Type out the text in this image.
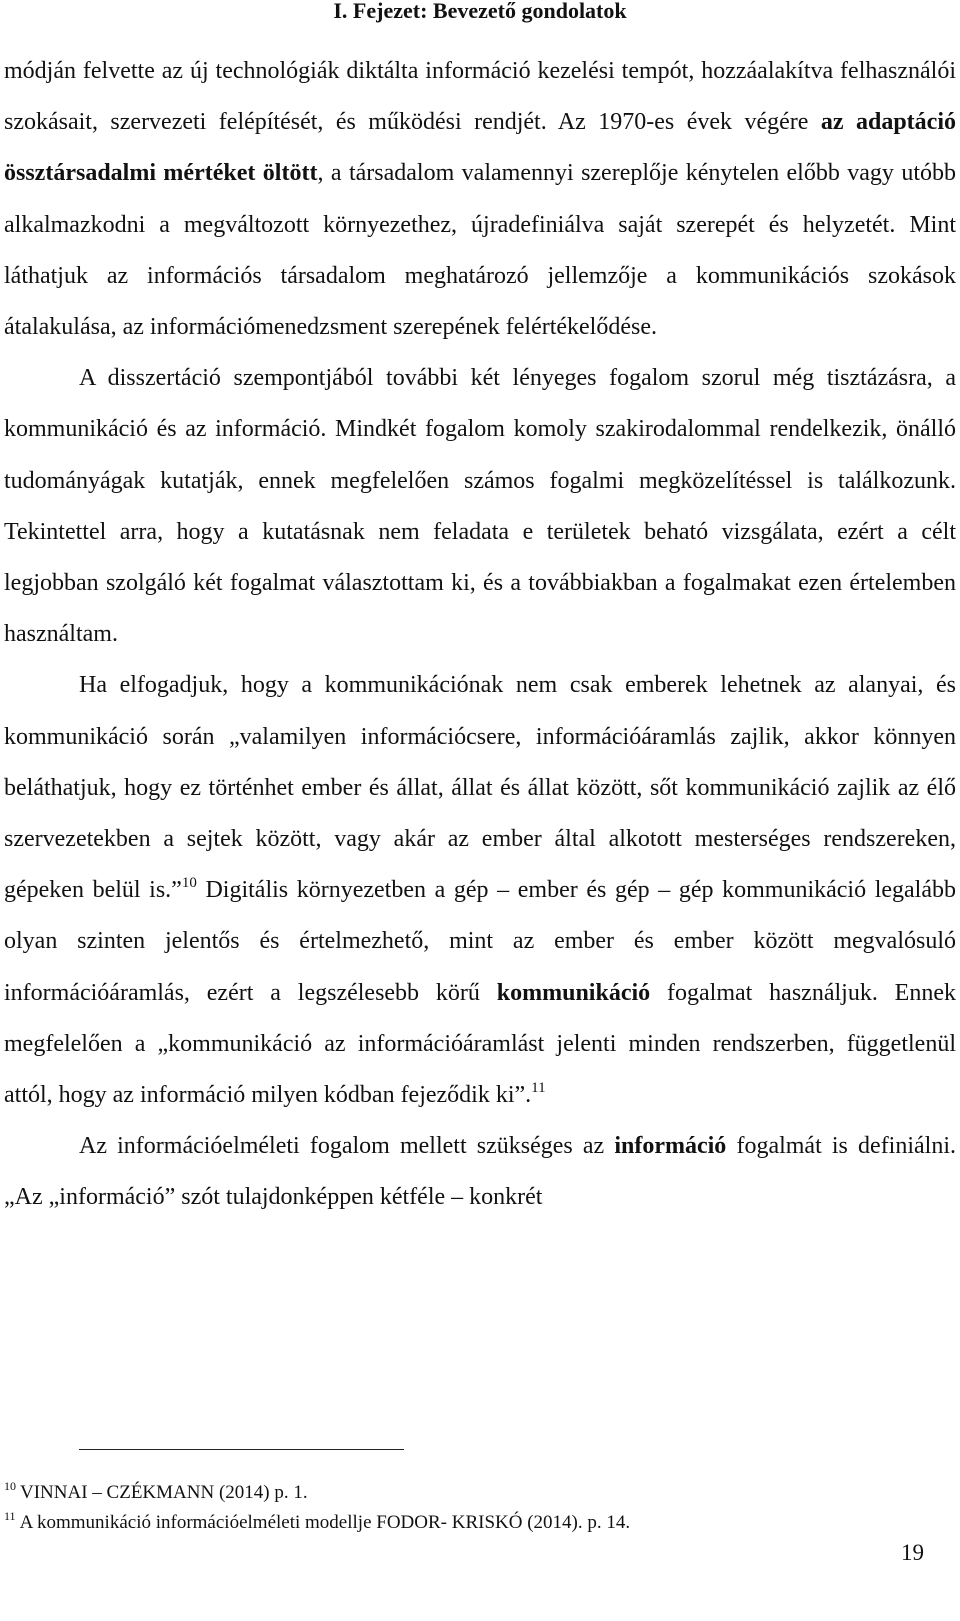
I. Fejezet: Bevezető gondolatok

módján felvette az új technológiák diktálta információ kezelési tempót, hozzáalakítva felhasználói szokásait, szervezeti felépítését, és működési rendjét. Az 1970-es évek végére az adaptáció össztársadalmi mértéket öltött, a társadalom valamennyi szereplője kénytelen előbb vagy utóbb alkalmazkodni a megváltozott környezethez, újradefiniálva saját szerepét és helyzetét. Mint láthatjuk az információs társadalom meghatározó jellemzője a kommunikációs szokások átalakulása, az információmenedzsment szerepének felértékelődése.

A disszertáció szempontjából további két lényeges fogalom szorul még tisztázásra, a kommunikáció és az információ. Mindkét fogalom komoly szakirodalommal rendelkezik, önálló tudományágak kutatják, ennek megfelelően számos fogalmi megközelítéssel is találkozunk. Tekintettel arra, hogy a kutatásnak nem feladata e területek beható vizsgálata, ezért a célt legjobban szolgáló két fogalmat választottam ki, és a továbbiakban a fogalmakat ezen értelemben használtam.

Ha elfogadjuk, hogy a kommunikációnak nem csak emberek lehetnek az alanyai, és kommunikáció során „valamilyen információcsere, információáramlás zajlik, akkor könnyen beláthatjuk, hogy ez történhet ember és állat, állat és állat között, sőt kommunikáció zajlik az élő szervezetekben a sejtek között, vagy akár az ember által alkotott mesterséges rendszereken, gépeken belül is.”$^{10}$ Digitális környezetben a gép – ember és gép – gép kommunikáció legalább olyan szinten jelentős és értelmezhető, mint az ember és ember között megvalósuló információáramlás, ezért a legszélesebb körű kommunikáció fogalmat használjuk. Ennek megfelelően a „kommunikáció az információáramlást jelenti minden rendszerben, függetlenül attól, hogy az információ milyen kódban fejeződik ki”.$^{11}$

Az információelméleti fogalom mellett szükséges az információ fogalmát is definiálni. „Az „információ” szót tulajdonképpen kétféle – konkrét

$^{10}$ VINNAI – CZÉKMANN (2014) p. 1.

$^{11}$ A kommunikáció információelméleti modellje FODOR- KRISKÓ (2014). p. 14.

19
